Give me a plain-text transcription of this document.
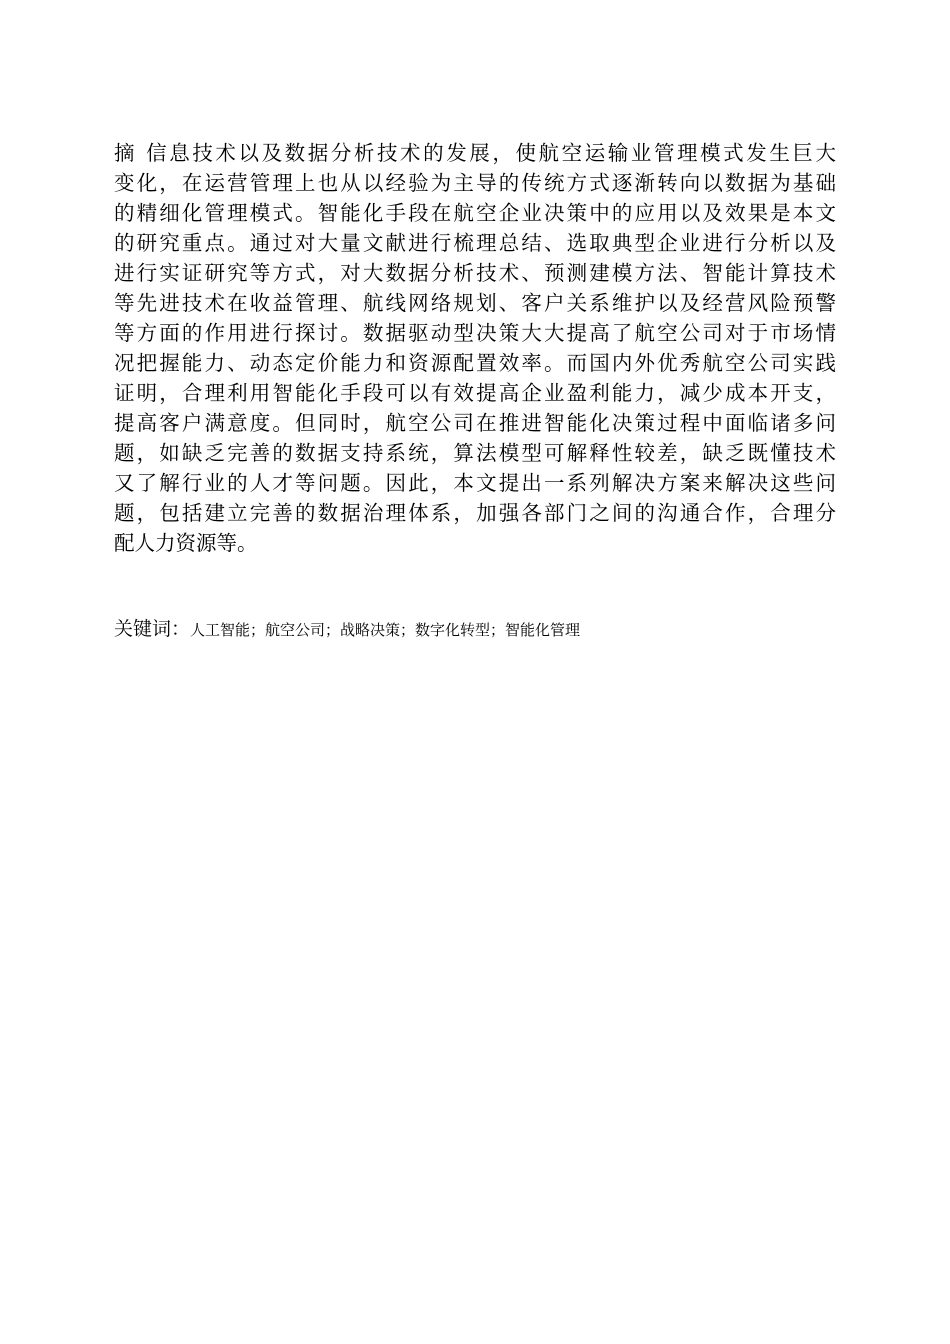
摘 信息技术以及数据分析技术的发展，使航空运输业管理模式发生巨大
变化，在运营管理上也从以经验为主导的传统方式逐渐转向以数据为基础
的精细化管理模式。智能化手段在航空企业决策中的应用以及效果是本文
的研究重点。通过对大量文献进行梳理总结、选取典型企业进行分析以及
进行实证研究等方式，对大数据分析技术、预测建模方法、智能计算技术
等先进技术在收益管理、航线网络规划、客户关系维护以及经营风险预警
等方面的作用进行探讨。数据驱动型决策大大提高了航空公司对于市场情
况把握能力、动态定价能力和资源配置效率。而国内外优秀航空公司实践
证明，合理利用智能化手段可以有效提高企业盈利能力，减少成本开支，
提高客户满意度。但同时，航空公司在推进智能化决策过程中面临诸多问
题，如缺乏完善的数据支持系统，算法模型可解释性较差，缺乏既懂技术
又了解行业的人才等问题。因此，本文提出一系列解决方案来解决这些问
题，包括建立完善的数据治理体系，加强各部门之间的沟通合作，合理分
配人力资源等。
关键词：人工智能；航空公司；战略决策；数字化转型；智能化管理
